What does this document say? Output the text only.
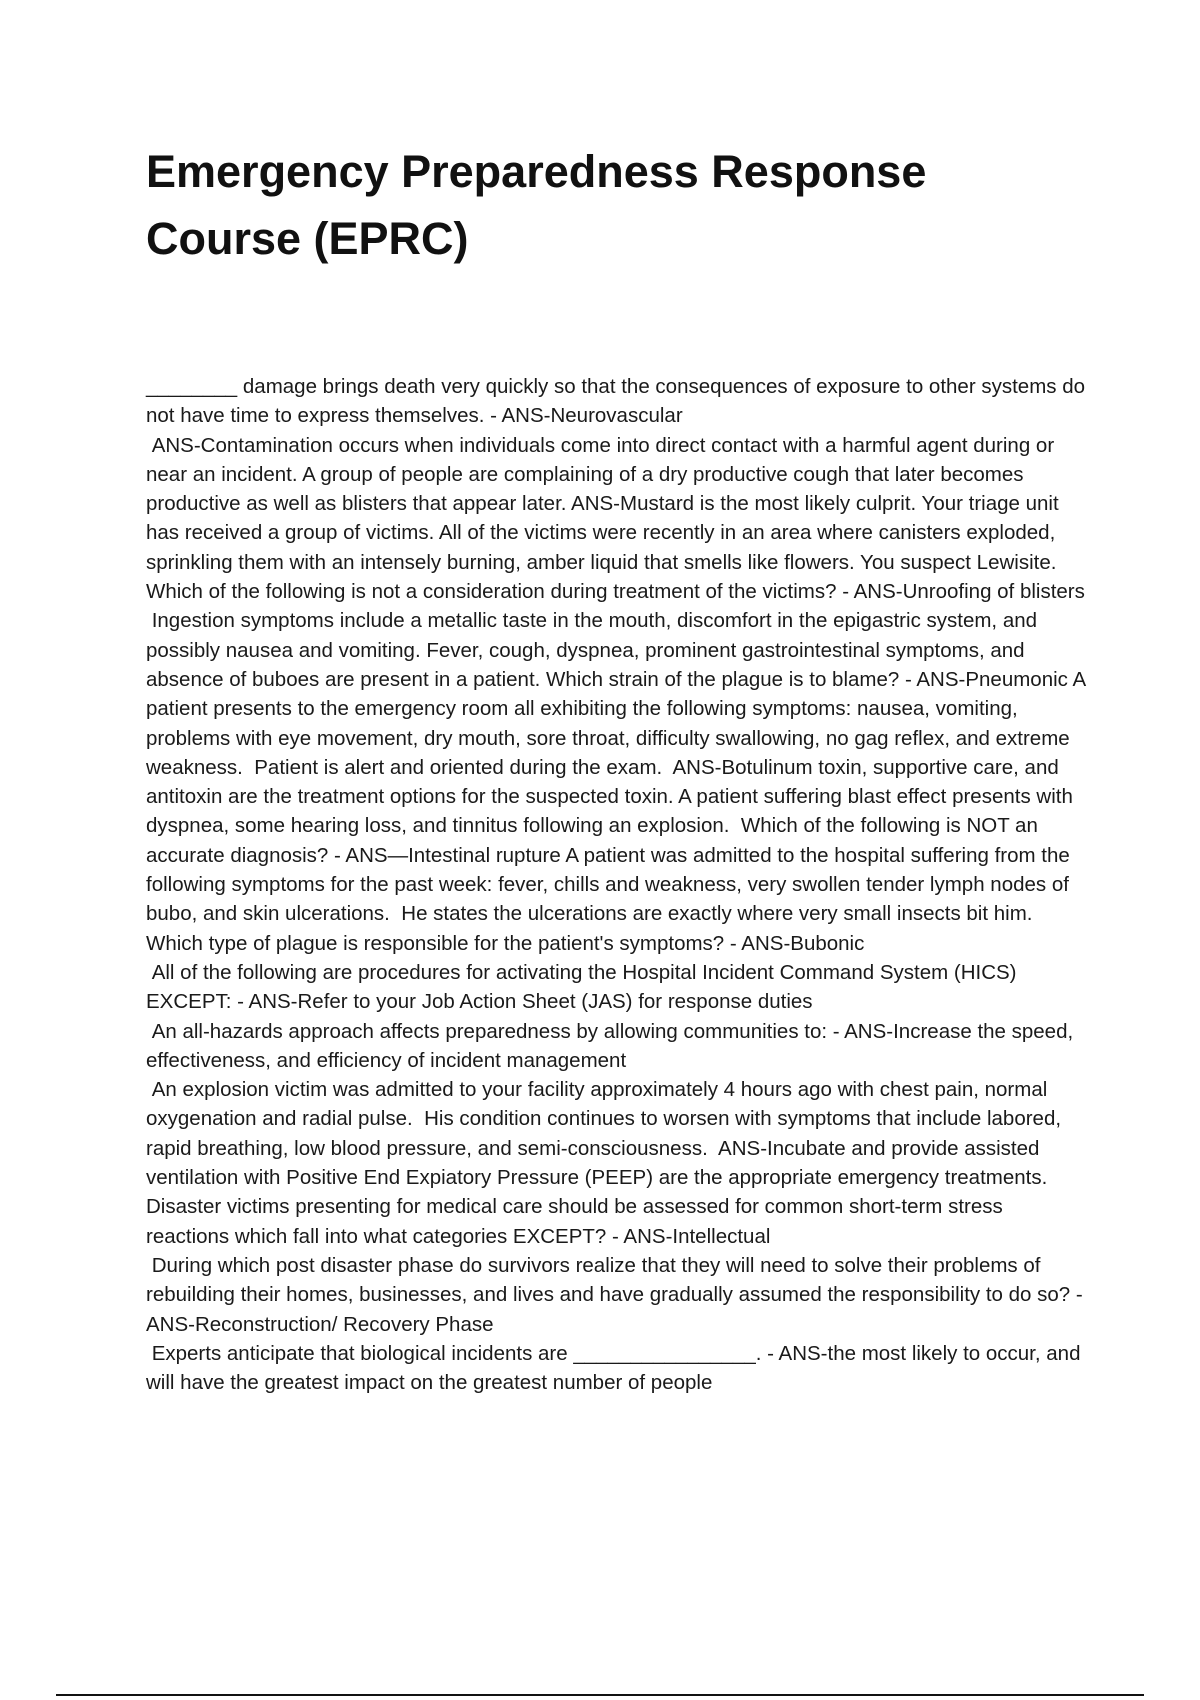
Emergency Preparedness Response Course (EPRC)

________ damage brings death very quickly so that the consequences of exposure to other systems do not have time to express themselves. - ANS-Neurovascular
ANS-Contamination occurs when individuals come into direct contact with a harmful agent during or near an incident. A group of people are complaining of a dry productive cough that later becomes productive as well as blisters that appear later. ANS-Mustard is the most likely culprit. Your triage unit has received a group of victims. All of the victims were recently in an area where canisters exploded, sprinkling them with an intensely burning, amber liquid that smells like flowers. You suspect Lewisite.  Which of the following is not a consideration during treatment of the victims? - ANS-Unroofing of blisters
Ingestion symptoms include a metallic taste in the mouth, discomfort in the epigastric system, and possibly nausea and vomiting. Fever, cough, dyspnea, prominent gastrointestinal symptoms, and absence of buboes are present in a patient. Which strain of the plague is to blame? - ANS-Pneumonic A patient presents to the emergency room all exhibiting the following symptoms: nausea, vomiting, problems with eye movement, dry mouth, sore throat, difficulty swallowing, no gag reflex, and extreme weakness.  Patient is alert and oriented during the exam.  ANS-Botulinum toxin, supportive care, and antitoxin are the treatment options for the suspected toxin. A patient suffering blast effect presents with dyspnea, some hearing loss, and tinnitus following an explosion.  Which of the following is NOT an accurate diagnosis? - ANS—Intestinal rupture A patient was admitted to the hospital suffering from the following symptoms for the past week: fever, chills and weakness, very swollen tender lymph nodes of bubo, and skin ulcerations.  He states the ulcerations are exactly where very small insects bit him.  Which type of plague is responsible for the patient's symptoms? - ANS-Bubonic
All of the following are procedures for activating the Hospital Incident Command System (HICS) EXCEPT: - ANS-Refer to your Job Action Sheet (JAS) for response duties
An all-hazards approach affects preparedness by allowing communities to: - ANS-Increase the speed, effectiveness, and efficiency of incident management
An explosion victim was admitted to your facility approximately 4 hours ago with chest pain, normal oxygenation and radial pulse.  His condition continues to worsen with symptoms that include labored, rapid breathing, low blood pressure, and semi-consciousness.  ANS-Incubate and provide assisted ventilation with Positive End Expiatory Pressure (PEEP) are the appropriate emergency treatments. Disaster victims presenting for medical care should be assessed for common short-term stress reactions which fall into what categories EXCEPT? - ANS-Intellectual
During which post disaster phase do survivors realize that they will need to solve their problems of rebuilding their homes, businesses, and lives and have gradually assumed the responsibility to do so? - ANS-Reconstruction/ Recovery Phase
Experts anticipate that biological incidents are ________________. - ANS-the most likely to occur, and will have the greatest impact on the greatest number of people
